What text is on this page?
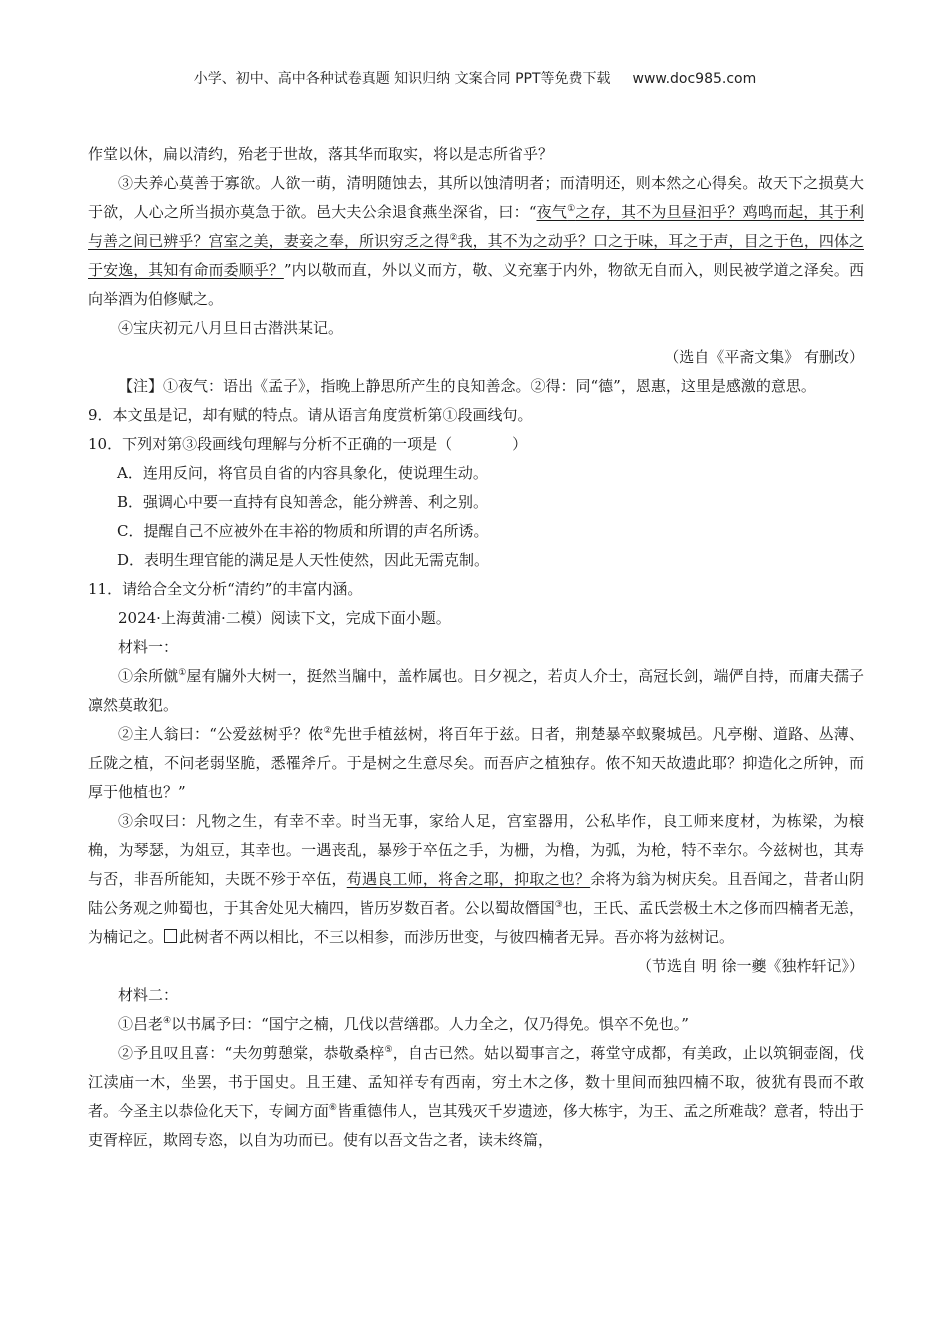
小学、初中、高中各种试卷真题 知识归纳 文案合同 PPT等免费下载 www.doc985.com

作堂以休，扁以清约，殆老于世故，落其华而取实，将以是志所省乎？

③夫养心莫善于寡欲。人欲一萌，清明随蚀去，其所以蚀清明者；而清明还，则本然之心得矣。故天下之损莫大于欲，人心之所当损亦莫急于欲。邑大夫公余退食燕坐深省，曰：“夜气①之存，其不为旦昼汩乎？鸡鸣而起，其于利与善之间已辨乎？宫室之美，妻妾之奉，所识穷乏之得②我，其不为之动乎？口之于味，耳之于声，目之于色，四体之于安逸，其知有命而委顺乎？”内以敬而直，外以义而方，敬、义充塞于内外，物欲无自而入，则民被学道之泽矣。西向举酒为伯修赋之。

④宝庆初元八月旦日古潜洪某记。

（选自《平斋文集》 有删改）

【注】①夜气：语出《孟子》，指晚上静思所产生的良知善念。②得：同“德”，恩惠，这里是感激的意思。

9．本文虽是记，却有赋的特点。请从语言角度赏析第①段画线句。

10．下列对第③段画线句理解与分析不正确的一项是（　　　　）

A．连用反问，将官员自省的内容具象化，使说理生动。

B．强调心中要一直持有良知善念，能分辨善、利之别。

C．提醒自己不应被外在丰裕的物质和所谓的声名所诱。

D．表明生理官能的满足是人天性使然，因此无需克制。

11．请给合全文分析“清约”的丰富内涵。

2024·上海黄浦·二模）阅读下文，完成下面小题。

材料一：

①余所僦①屋有牖外大树一，挺然当牖中，盖柞属也。日夕视之，若贞人介士，高冠长剑，端俨自持，而庸夫孺子凛然莫敢犯。

②主人翁曰：“公爱兹树乎？侬②先世手植兹树，将百年于兹。日者，荆楚暴卒蚁聚城邑。凡亭榭、道路、丛薄、丘陇之植，不问老弱坚脆，悉罹斧斤。于是树之生意尽矣。而吾庐之植独存。侬不知天故遗此耶？抑造化之所钟，而厚于他植也？”

③余叹曰：凡物之生，有幸不幸。时当无事，家给人足，宫室器用，公私毕作，良工师来度材，为栋梁，为榱桷，为琴瑟，为俎豆，其幸也。一遇丧乱，暴殄于卒伍之手，为栅，为橹，为弧，为枪，特不幸尔。今兹树也，其寿与否，非吾所能知，夫既不殄于卒伍，苟遇良工师，将舍之耶，抑取之也？余将为翁为树庆矣。且吾闻之，昔者山阴陆公务观之帅蜀也，于其舍处见大楠四，皆历岁数百者。公以蜀故僭国③也，王氏、孟氏尝极土木之侈而四楠者无恙，为楠记之。 此树者不两以相比，不三以相参，而涉历世变，与彼四楠者无异。吾亦将为兹树记。

（节选自 明 徐一夔《独柞轩记》）

材料二：

①吕老④以书属予曰：“国宁之楠，几伐以营缮郡。人力全之，仅乃得免。惧卒不免也。”

②予且叹且喜：“夫勿剪憩棠，恭敬桑梓⑤，自古已然。姑以蜀事言之，蒋堂守成都，有美政，止以筑铜壶阁，伐江渎庙一木，坐罢，书于国史。且王建、孟知祥专有西南，穷土木之侈，数十里间而独四楠不取，彼犹有畏而不敢者。今圣主以恭俭化天下，专阃方面⑥皆重德伟人，岂其残灭千岁遗迹，侈大栋宇，为王、孟之所难哉？意者，特出于吏胥梓匠，欺罔专恣，以自为功而已。使有以吾文告之者，读未终篇，
